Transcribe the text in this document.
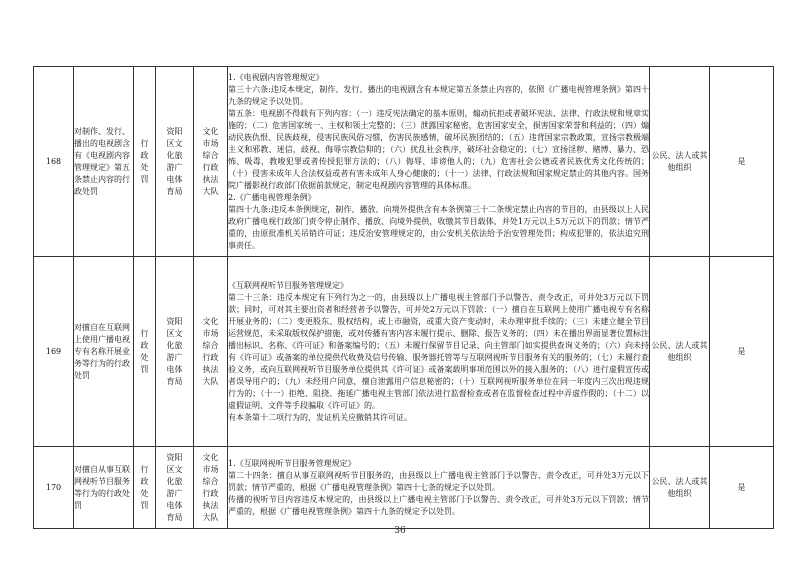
168	对制作、发行、播出的电视剧含有《电视剧内容管理规定》第五条禁止内容的行政处罚	行政处罚	资阳区文化旅游广电体育局	文化市场综合行政执法大队	1.《电视剧内容管理规定》
第三十六条:违反本规定，制作、发行、播出的电视剧含有本规定第五条禁止内容的，依照《广播电视管理条例》第四十九条的规定予以处罚。
第五条：电视剧不得载有下列内容：（一）违反宪法确定的基本原则，煽动抗拒或者破坏宪法、法律、行政法规和规章实施的；（二）危害国家统一、主权和领土完整的；（三）泄露国家秘密，危害国家安全，损害国家荣誉和利益的；（四）煽动民族仇恨、民族歧视，侵害民族风俗习惯，伤害民族感情，破坏民族团结的；（五）违背国家宗教政策，宣扬宗教极端主义和邪教、迷信，歧视、侮辱宗教信仰的；（六）扰乱社会秩序，破坏社会稳定的；（七）宣扬淫秽、赌博、暴力、恐怖、吸毒，教唆犯罪或者传授犯罪方法的；（八）侮辱、诽谤他人的；（九）危害社会公德或者民族优秀文化传统的；（十）侵害未成年人合法权益或者有害未成年人身心健康的；（十一）法律、行政法规和国家规定禁止的其他内容。国务院广播影视行政部门依据前款规定，制定电视剧内容管理的具体标准。
2.《广播电视管理条例》
第四十九条:违反本条例规定，制作、播放、向境外提供含有本条例第三十二条规定禁止内容的节目的，由县级以上人民政府广播电视行政部门责令停止制作、播放、向境外提供，收缴其节目载体，并处1万元以上5万元以下的罚款；情节严重的，由原批准机关吊销许可证；违反治安管理规定的，由公安机关依法给予治安管理处罚；构成犯罪的，依法追究刑事责任。	公民、法人或其他组织	是
169	对擅自在互联网上使用广播电视专有名称开展业务等行为的行政处罚	行政处罚	资阳区文化旅游广电体育局	文化市场综合行政执法大队	《互联网视听节目服务管理规定》
第二十三条：违反本规定有下列行为之一的，由县级以上广播电视主管部门予以警告、责令改正，可并处3万元以下罚款；同时，可对其主要出资者和经营者予以警告，可并处2万元以下罚款：（一）擅自在互联网上使用广播电视专有名称开展业务的；（二）变更股东、股权结构，或上市融资，或重大资产变动时，未办理审批手续的；（三）未建立健全节目运营规范，未采取版权保护措施，或对传播有害内容未履行提示、删除、报告义务的；（四）未在播出界面显著位置标注播出标识、名称、《许可证》和备案编号的；（五）未履行保留节目记录、向主管部门如实提供查询义务的；（六）向未持有《许可证》或备案的单位提供代收费及信号传输、服务器托管等与互联网视听节目服务有关的服务的；（七）未履行查验义务，或向互联网视听节目服务单位提供其《许可证》或备案载明事项范围以外的接入服务的；（八）进行虚假宣传或者误导用户的；（九）未经用户同意，擅自泄露用户信息秘密的；（十）互联网视听服务单位在同一年度内三次出现违规行为的；（十一）拒绝、阻挠、拖延广播电视主管部门依法进行监督检查或者在监督检查过程中弄虚作假的；（十二）以虚假证明、文件等手段骗取《许可证》的。
有本条第十二项行为的，发证机关应撤销其许可证。	公民、法人或其他组织	是
170	对擅自从事互联网视听节目服务等行为的行政处罚	行政处罚	资阳区文化旅游广电体育局	文化市场综合行政执法大队	1.《互联网视听节目服务管理规定》
第二十四条：擅自从事互联网视听节目服务的，由县级以上广播电视主管部门予以警告、责令改正，可并处3万元以下罚款；情节严重的，根据《广播电视管理条例》第四十七条的规定予以处罚。
传播的视听节目内容违反本规定的，由县级以上广播电视主管部门予以警告、责令改正，可并处3万元以下罚款；情节严重的，根据《广播电视管理条例》第四十九条的规定予以处罚。	公民、法人或其他组织	是
36
